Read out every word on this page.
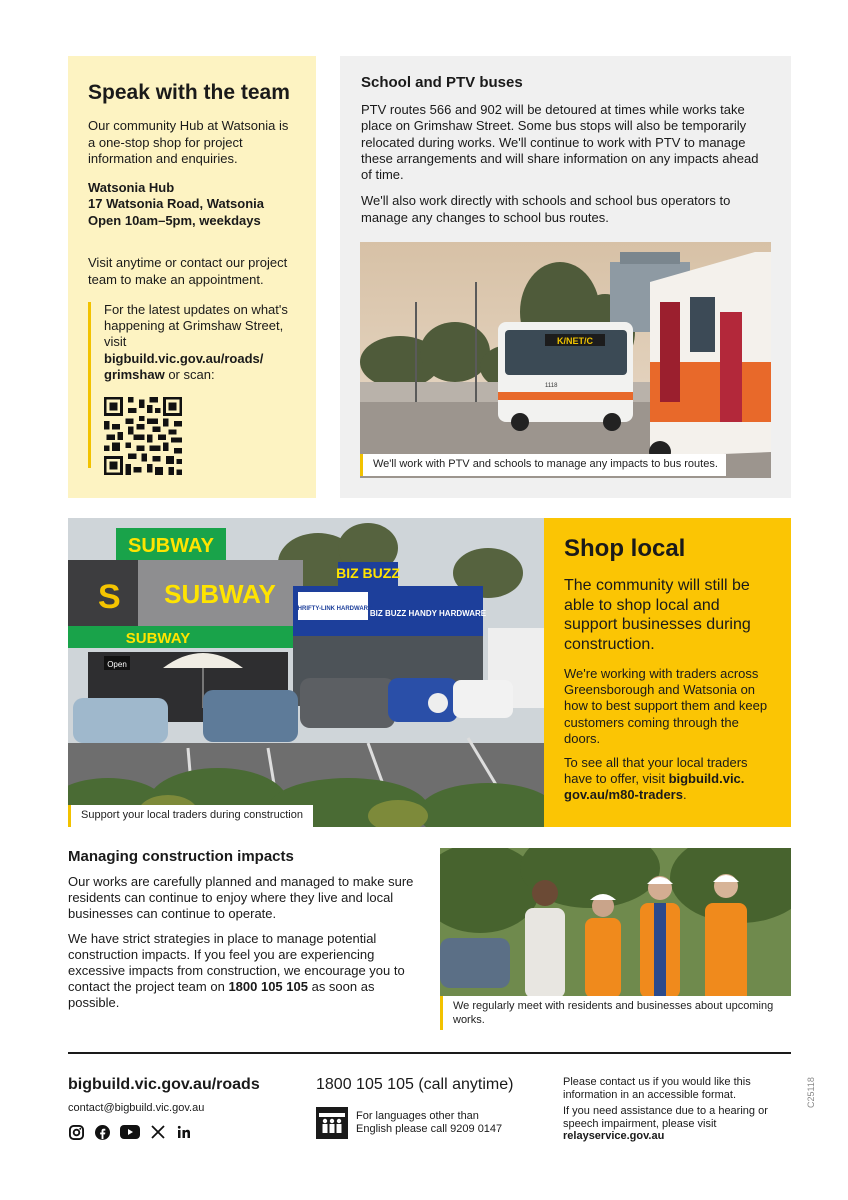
Speak with the team

Our community Hub at Watsonia is a one-stop shop for project information and enquiries.

Watsonia Hub

17 Watsonia Road, Watsonia

Open 10am–5pm, weekdays

Visit anytime or contact our project team to make an appointment.

For the latest updates on what's happening at Grimshaw Street, visit bigbuild.vic.gov.au/roads/ grimshaw or scan:

School and PTV buses

PTV routes 566 and 902 will be detoured at times while works take place on Grimshaw Street. Some bus stops will also be temporarily relocated during works. We'll continue to work with PTV to manage these arrangements and will share information on any impacts ahead of time.

We'll also work directly with schools and school bus operators to manage any changes to school bus routes.

K/NET/C
1118
We'll work with PTV and schools to manage any impacts to bus routes.
SUBWAY
S SUBWAY
SUBWAY
Open
THRIFTY-LINK HARDWARE
BIZ BUZZ
BIZ BUZZ HANDY HARDWARE
Support your local traders during construction
Shop local

The community will still be able to shop local and support businesses during construction.

We're working with traders across Greensborough and Watsonia on how to best support them and keep customers coming through the doors.

To see all that your local traders have to offer, visit bigbuild.vic. gov.au/m80-traders.

Managing construction impacts

Our works are carefully planned and managed to make sure residents can continue to enjoy where they live and local businesses can continue to operate.

We have strict strategies in place to manage potential construction impacts. If you feel you are experiencing excessive impacts from construction, we encourage you to contact the project team on 1800 105 105 as soon as possible.	We regularly meet with residents and businesses about upcoming works.
bigbuild.vic.gov.au/roads
contact@bigbuild.vic.gov.au
1800 105 105 (call anytime)
For languages other than English please call 9209 0147
Please contact us if you would like this information in an accessible format.
If you need assistance due to a hearing or speech impairment, please visit relayservice.gov.au
C25118
